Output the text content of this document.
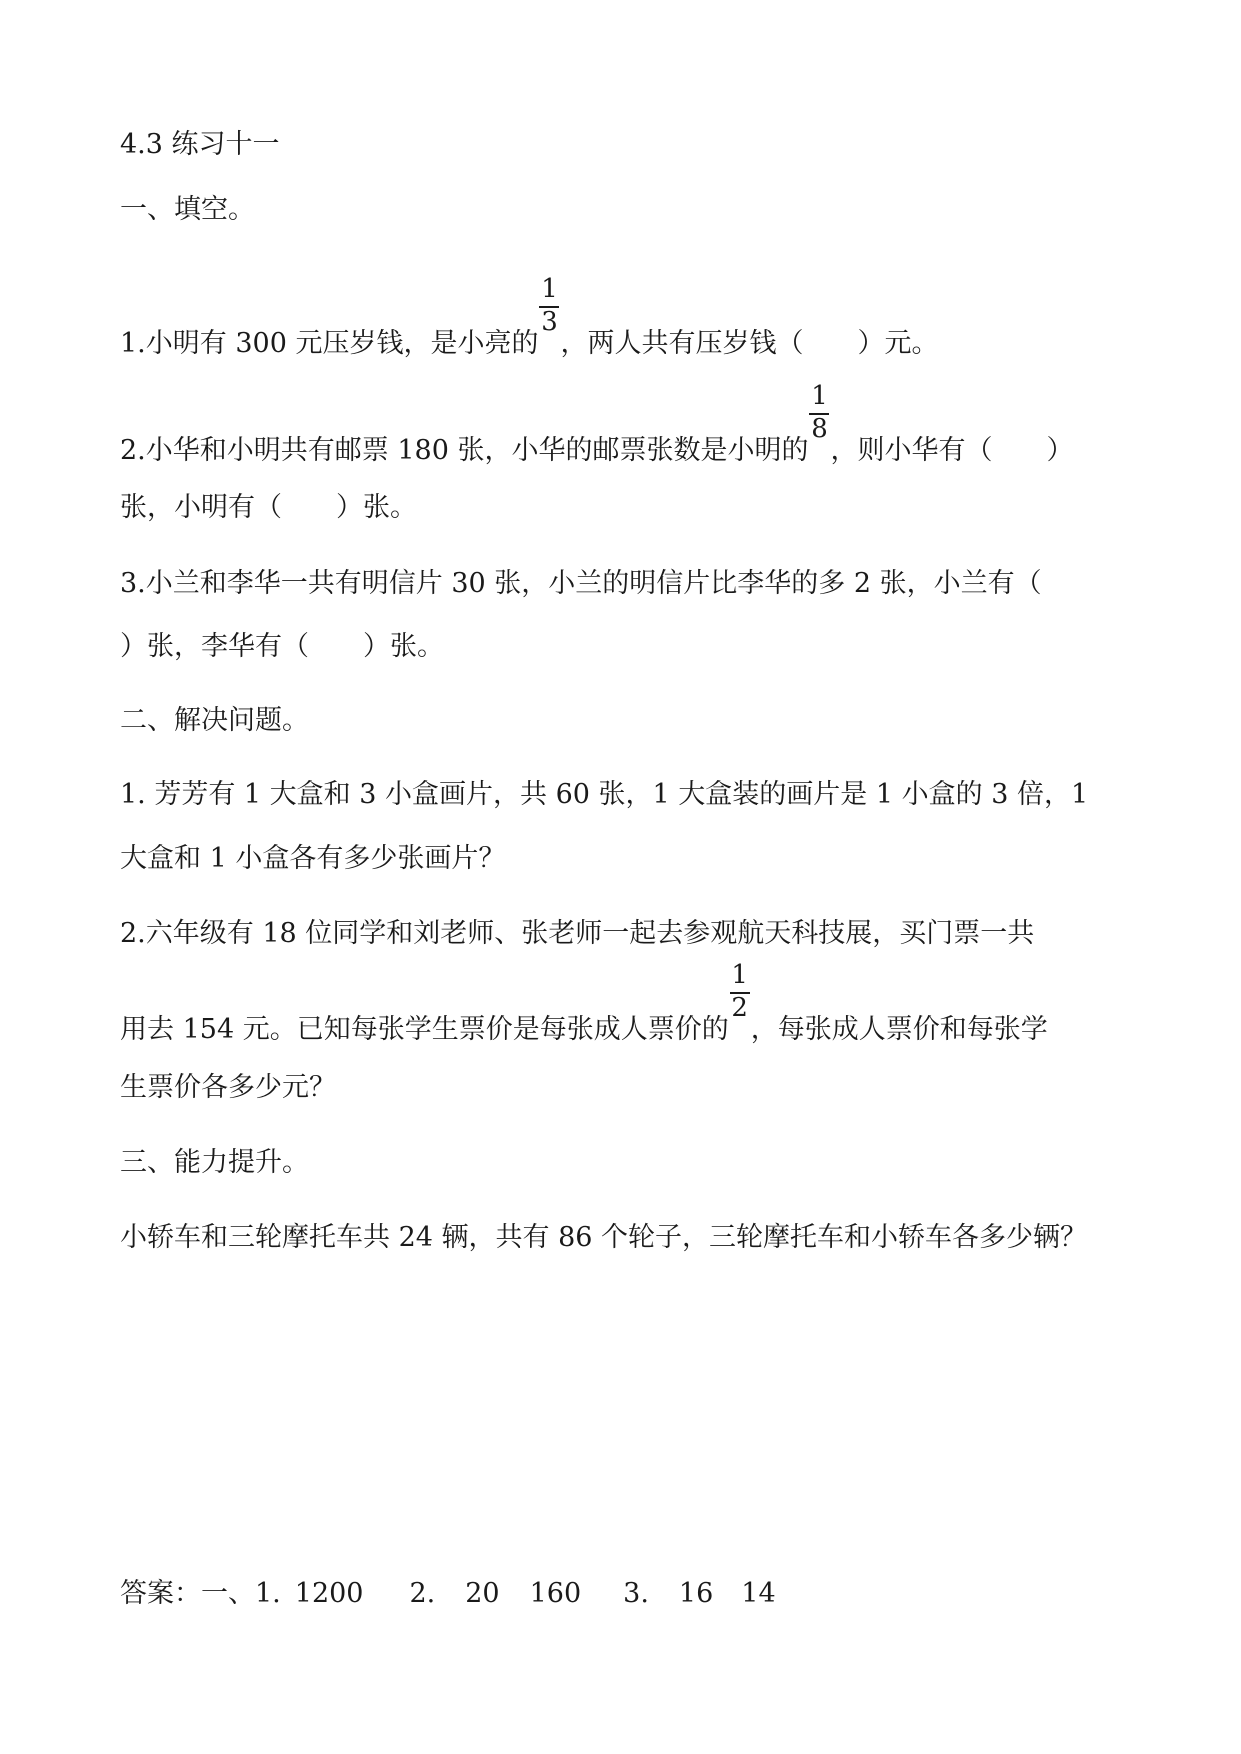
4.3 练习十一
一、填空。
1.小明有 300 元压岁钱，是小亮的 $\frac{1}{3}$ ，两人共有压岁钱（　　）元。
2.小华和小明共有邮票 180 张，小华的邮票张数是小明的 $\frac{1}{8}$ ，则小华有（　　）
张，小明有（　　）张。
3.小兰和李华一共有明信片 30 张，小兰的明信片比李华的多 2 张，小兰有（
）张，李华有（　　）张。
二、解决问题。
1. 芳芳有 1 大盒和 3 小盒画片，共 60 张，1 大盒装的画片是 1 小盒的 3 倍，1
大盒和 1 小盒各有多少张画片？
2.六年级有 18 位同学和刘老师、张老师一起去参观航天科技展，买门票一共
用去 154 元。已知每张学生票价是每张成人票价的 $\frac{1}{2}$ ，每张成人票价和每张学
生票价各多少元？
三、能力提升。
小轿车和三轮摩托车共 24 辆，共有 86 个轮子，三轮摩托车和小轿车各多少辆？
答案：一、1. 1200 2. 20 160 3. 16 14
